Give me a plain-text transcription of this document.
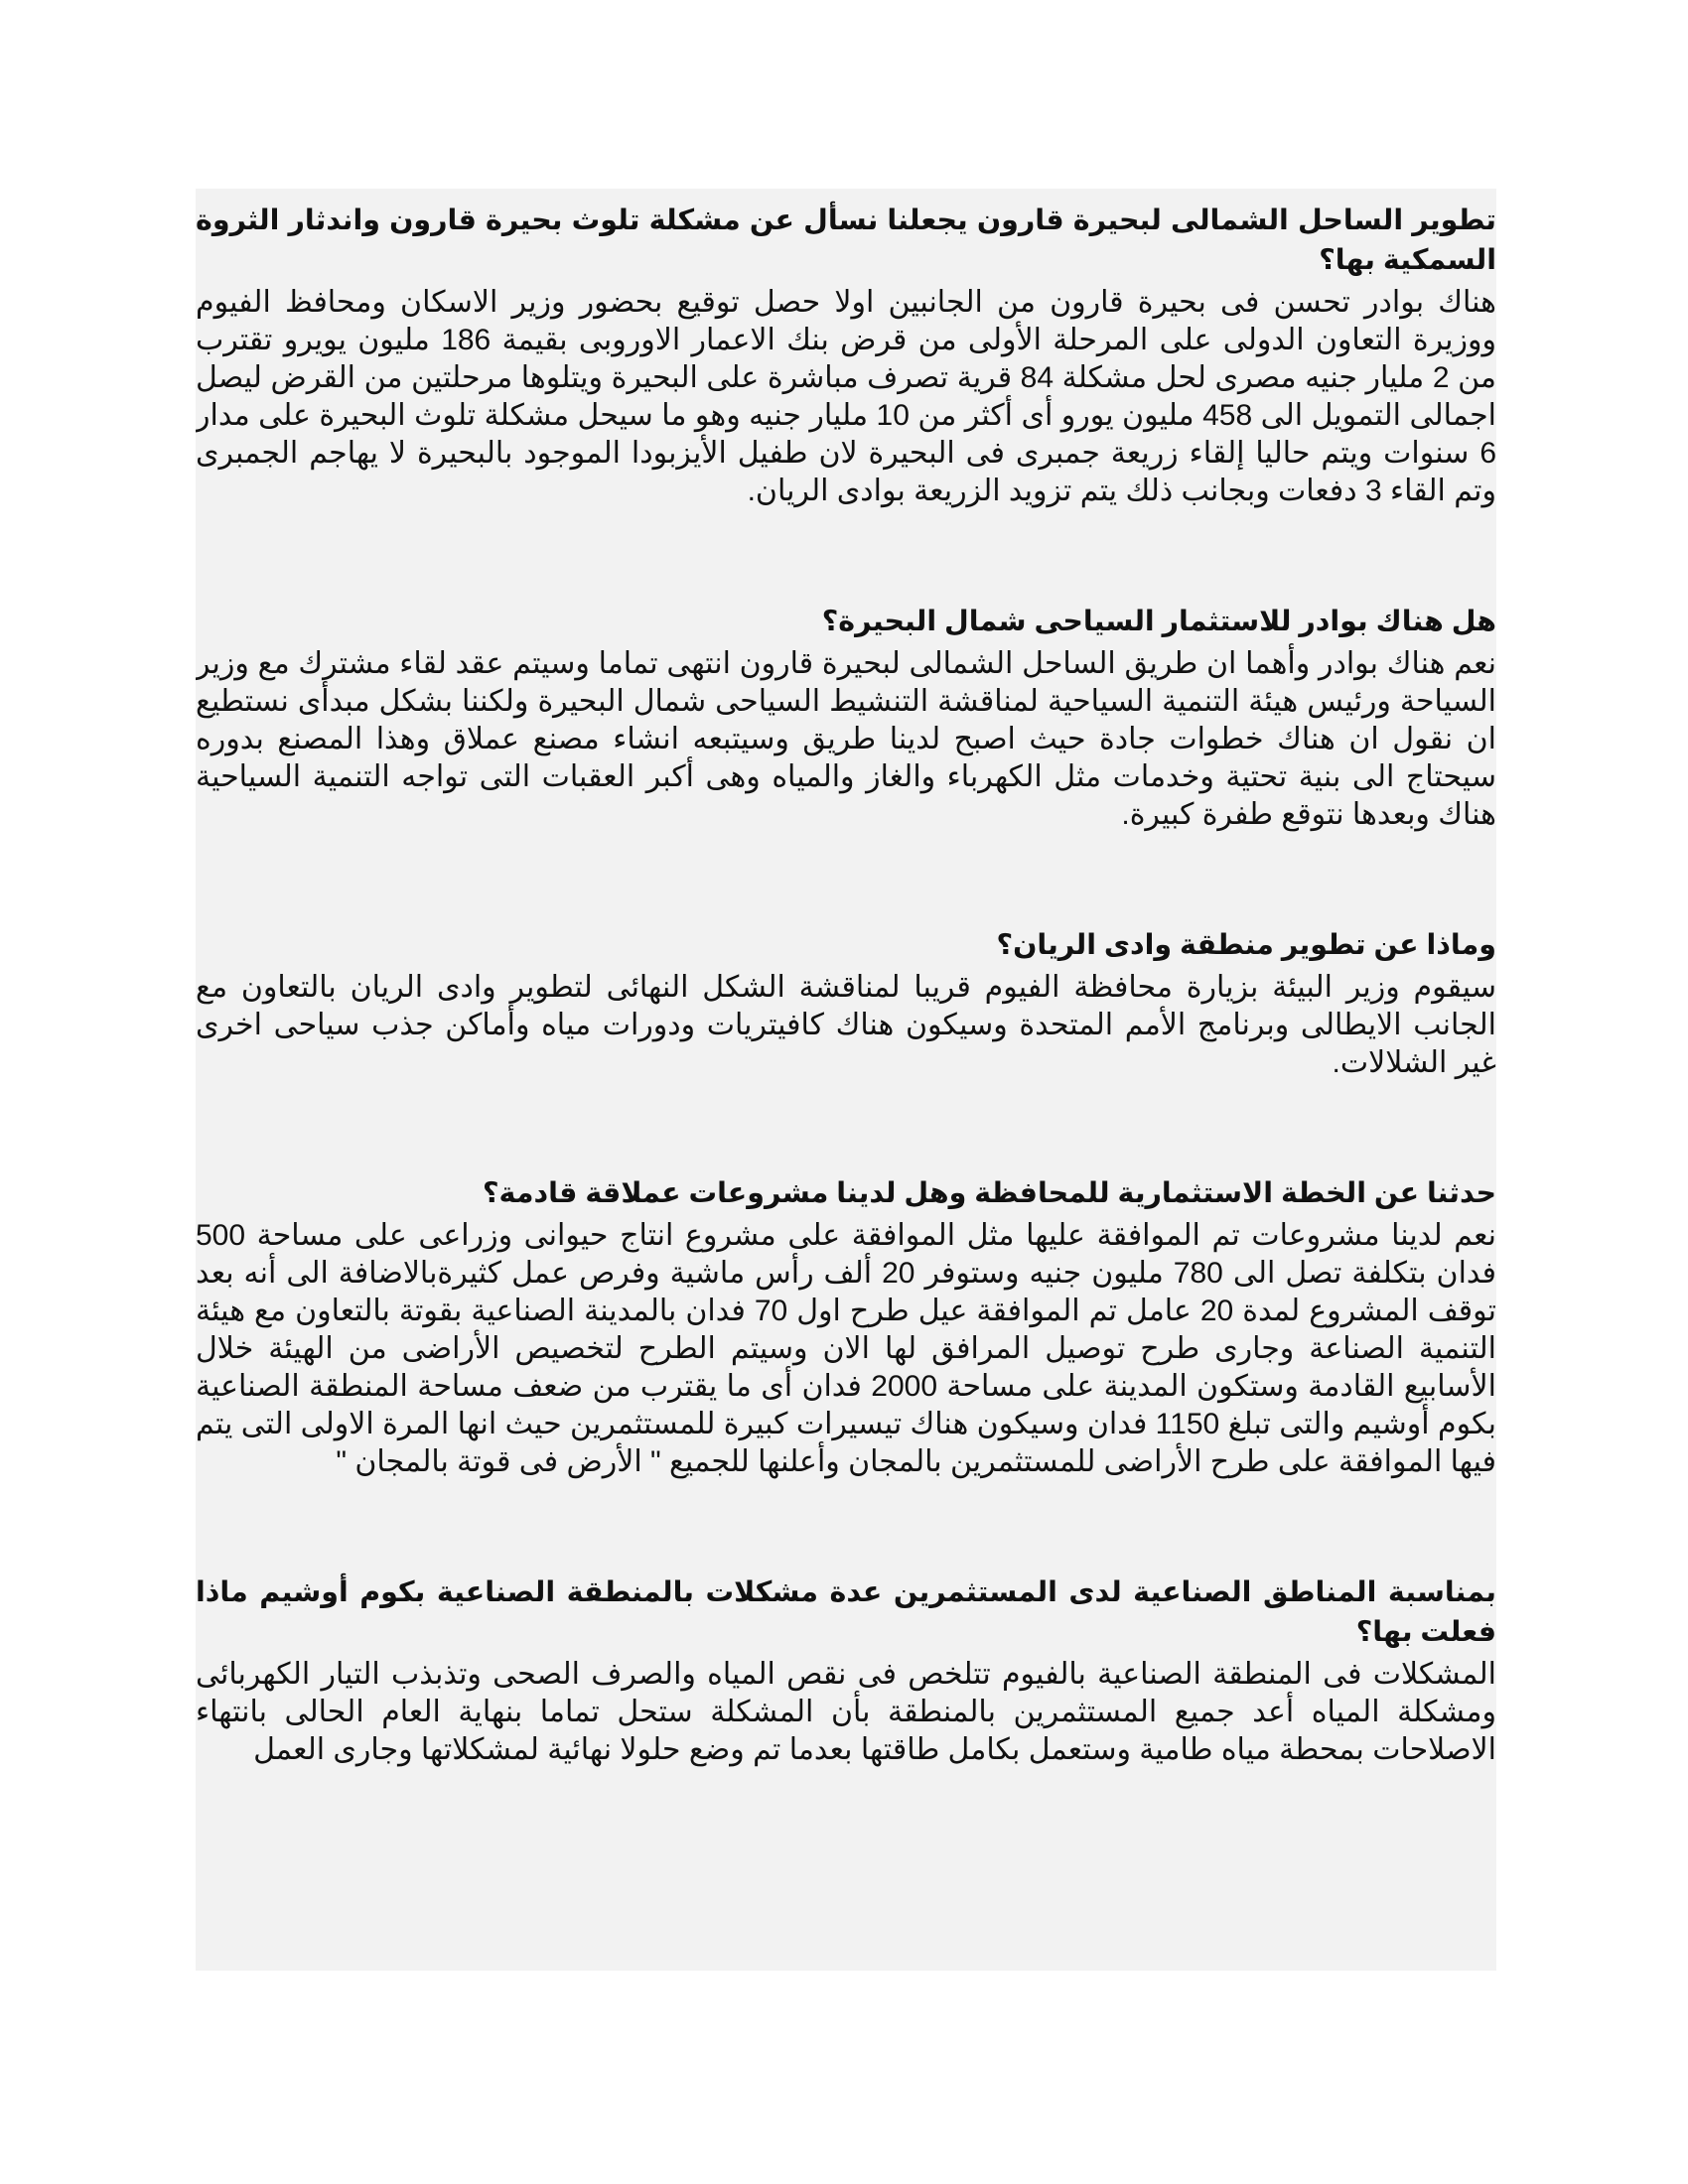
تطوير الساحل الشمالى لبحيرة قارون يجعلنا نسأل عن مشكلة تلوث بحيرة قارون واندثار الثروة السمكية بها؟

هناك بوادر تحسن فى بحيرة قارون من الجانبين اولا حصل توقيع بحضور وزير الاسكان ومحافظ الفيوم ووزيرة التعاون الدولى على المرحلة الأولى من قرض بنك الاعمار الاوروبى بقيمة 186 مليون يويرو تقترب من 2 مليار جنيه مصرى لحل مشكلة 84 قرية تصرف مباشرة على البحيرة ويتلوها مرحلتين من القرض ليصل اجمالى التمويل الى 458 مليون يورو أى أكثر من 10 مليار جنيه وهو ما سيحل مشكلة تلوث البحيرة على مدار 6 سنوات ويتم حاليا إلقاء زريعة جمبرى فى البحيرة لان طفيل الأيزبودا الموجود بالبحيرة لا يهاجم الجمبرى وتم القاء 3 دفعات وبجانب ذلك يتم تزويد الزريعة بوادى الريان.

هل هناك بوادر للاستثمار السياحى شمال البحيرة؟

نعم هناك بوادر وأهما ان طريق الساحل الشمالى لبحيرة قارون انتهى تماما وسيتم عقد لقاء مشترك مع وزير السياحة ورئيس هيئة التنمية السياحية لمناقشة التنشيط السياحى شمال البحيرة ولكننا بشكل مبدأى نستطيع ان نقول ان هناك خطوات جادة حيث اصبح لدينا طريق وسيتبعه انشاء مصنع عملاق وهذا المصنع بدوره سيحتاج الى بنية تحتية وخدمات مثل الكهرباء والغاز والمياه وهى أكبر العقبات التى تواجه التنمية السياحية هناك وبعدها نتوقع طفرة كبيرة.

وماذا عن تطوير منطقة وادى الريان؟

سيقوم وزير البيئة بزيارة محافظة الفيوم قريبا لمناقشة الشكل النهائى لتطوير وادى الريان بالتعاون مع الجانب الايطالى وبرنامج الأمم المتحدة وسيكون هناك كافيتريات ودورات مياه وأماكن جذب سياحى اخرى غير الشلالات.

حدثنا عن الخطة الاستثمارية للمحافظة وهل لدينا مشروعات عملاقة قادمة؟

نعم لدينا مشروعات تم الموافقة عليها مثل الموافقة على مشروع انتاج حيوانى وزراعى على مساحة 500 فدان بتكلفة تصل الى 780 مليون جنيه وستوفر 20 ألف رأس ماشية وفرص عمل كثيرةبالاضافة الى أنه بعد توقف المشروع لمدة 20 عامل تم الموافقة عيل طرح اول 70 فدان بالمدينة الصناعية بقوتة بالتعاون مع هيئة التنمية الصناعة وجارى طرح توصيل المرافق لها الان وسيتم الطرح لتخصيص الأراضى من الهيئة خلال الأسابيع القادمة وستكون المدينة على مساحة 2000 فدان أى ما يقترب من ضعف مساحة المنطقة الصناعية بكوم أوشيم والتى تبلغ 1150 فدان وسيكون هناك تيسيرات كبيرة للمستثمرين حيث انها المرة الاولى التى يتم فيها الموافقة على طرح الأراضى للمستثمرين بالمجان وأعلنها للجميع " الأرض فى قوتة بالمجان "

بمناسبة المناطق الصناعية لدى المستثمرين عدة مشكلات بالمنطقة الصناعية بكوم أوشيم ماذا فعلت بها؟

المشكلات فى المنطقة الصناعية بالفيوم تتلخص فى نقص المياه والصرف الصحى وتذبذب التيار الكهربائى ومشكلة المياه أعد جميع المستثمرين بالمنطقة بأن المشكلة ستحل تماما بنهاية العام الحالى بانتهاء الاصلاحات بمحطة مياه طامية وستعمل بكامل طاقتها بعدما تم وضع حلولا نهائية لمشكلاتها وجارى العمل
